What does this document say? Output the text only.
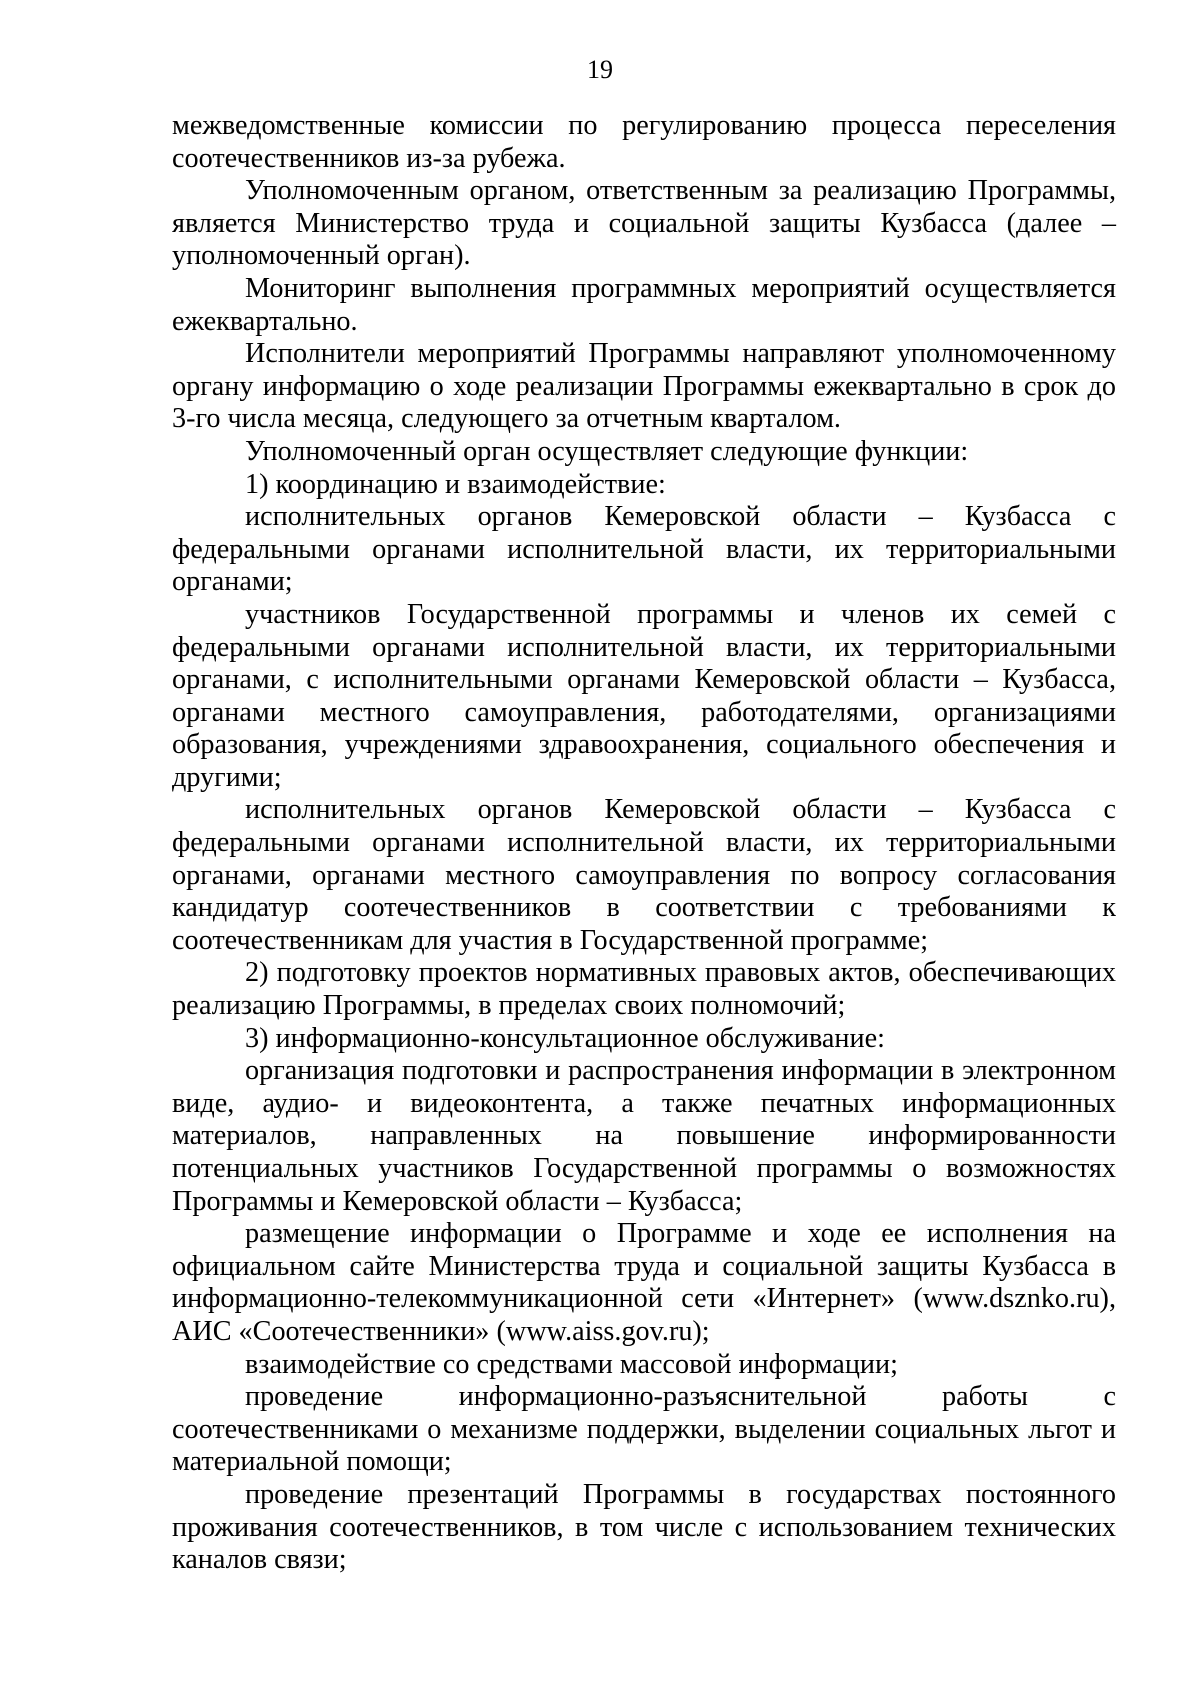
19

межведомственные комиссии по регулированию процесса переселения соотечественников из-за рубежа.

Уполномоченным органом, ответственным за реализацию Программы, является Министерство труда и социальной защиты Кузбасса (далее – уполномоченный орган).

Мониторинг выполнения программных мероприятий осуществляется ежеквартально.

Исполнители мероприятий Программы направляют уполномоченному органу информацию о ходе реализации Программы ежеквартально в срок до 3-го числа месяца, следующего за отчетным кварталом.

Уполномоченный орган осуществляет следующие функции:

1) координацию и взаимодействие:

исполнительных органов Кемеровской области – Кузбасса с федеральными органами исполнительной власти, их территориальными органами;

участников Государственной программы и членов их семей с федеральными органами исполнительной власти, их территориальными органами, с исполнительными органами Кемеровской области – Кузбасса, органами местного самоуправления, работодателями, организациями образования, учреждениями здравоохранения, социального обеспечения и другими;

исполнительных органов Кемеровской области – Кузбасса с федеральными органами исполнительной власти, их территориальными органами, органами местного самоуправления по вопросу согласования кандидатур соотечественников в соответствии с требованиями к соотечественникам для участия в Государственной программе;

2) подготовку проектов нормативных правовых актов, обеспечивающих реализацию Программы, в пределах своих полномочий;

3) информационно-консультационное обслуживание:

организация подготовки и распространения информации в электронном виде, аудио- и видеоконтента, а также печатных информационных материалов, направленных на повышение информированности потенциальных участников Государственной программы о возможностях Программы и Кемеровской области – Кузбасса;

размещение информации о Программе и ходе ее исполнения на официальном сайте Министерства труда и социальной защиты Кузбасса в информационно-телекоммуникационной сети «Интернет» (www.dsznko.ru), АИС «Соотечественники» (www.aiss.gov.ru);

взаимодействие со средствами массовой информации;

проведение информационно-разъяснительной работы с соотечественниками о механизме поддержки, выделении социальных льгот и материальной помощи;

проведение презентаций Программы в государствах постоянного проживания соотечественников, в том числе с использованием технических каналов связи;
